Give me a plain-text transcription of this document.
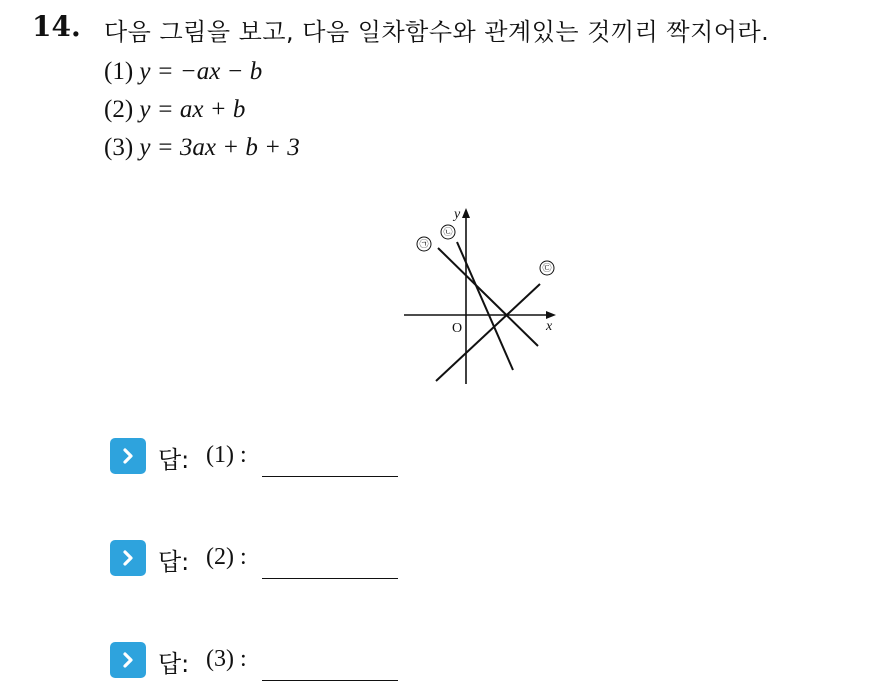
14. 다음 그림을 보고, 다음 일차함수와 관계있는 것끼리 짝지어라.
(1) y = −ax − b
(2) y = ax + b
(3) y = 3ax + b + 3
y
x
O
㉠
㉡
㉢
답: (1) :
답: (2) :
답: (3) :
